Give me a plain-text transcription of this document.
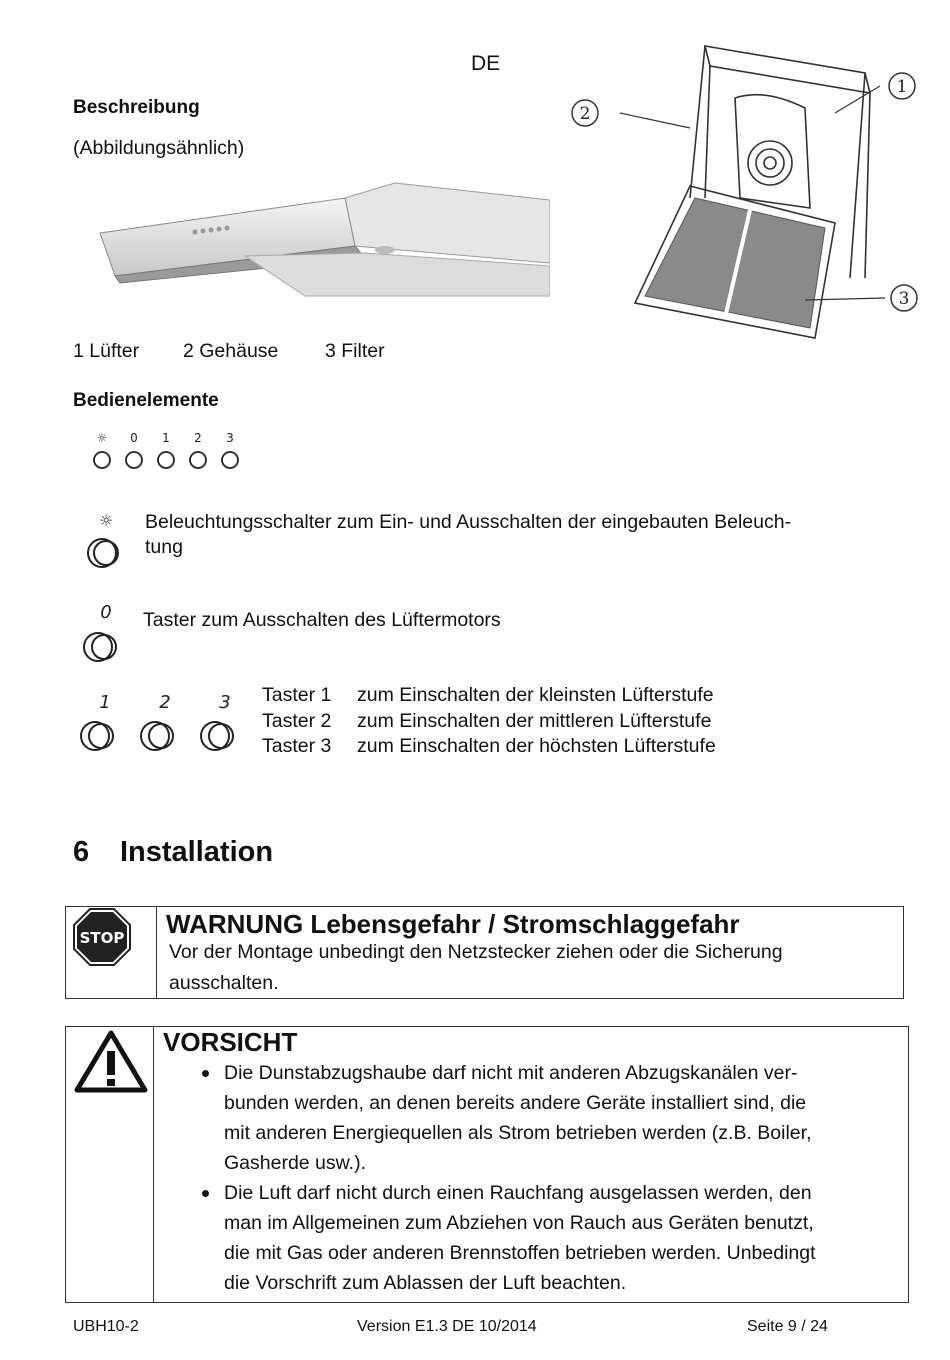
DE
Beschreibung
(Abbildungsähnlich)
2
1
3
1 Lüfter 2 Gehäuse 3 Filter
Bedienelemente
☼ 0 1 2 3
☼ Beleuchtungsschalter zum Ein- und Ausschalten der eingebauten Beleuch-
tung
0 Taster zum Ausschalten des Lüftermotors
1	2	3 Taster 1 zum Einschalten der kleinsten Lüfterstufe
Taster 2 zum Einschalten der mittleren Lüfterstufe
Taster 3 zum Einschalten der höchsten Lüfterstufe
6 Installation
STOP WARNUNG Lebensgefahr / Stromschlaggefahr
Vor der Montage unbedingt den Netzstecker ziehen oder die Sicherung
ausschalten.
VORSICHT
Die Dunstabzugshaube darf nicht mit anderen Abzugskanälen ver-
bunden werden, an denen bereits andere Geräte installiert sind, die
mit anderen Energiequellen als Strom betrieben werden (z.B. Boiler,
Gasherde usw.).
Die Luft darf nicht durch einen Rauchfang ausgelassen werden, den
man im Allgemeinen zum Abziehen von Rauch aus Geräten benutzt,
die mit Gas oder anderen Brennstoffen betrieben werden. Unbedingt
die Vorschrift zum Ablassen der Luft beachten.
UBH10-2	Version E1.3 DE 10/2014	Seite 9 / 24
